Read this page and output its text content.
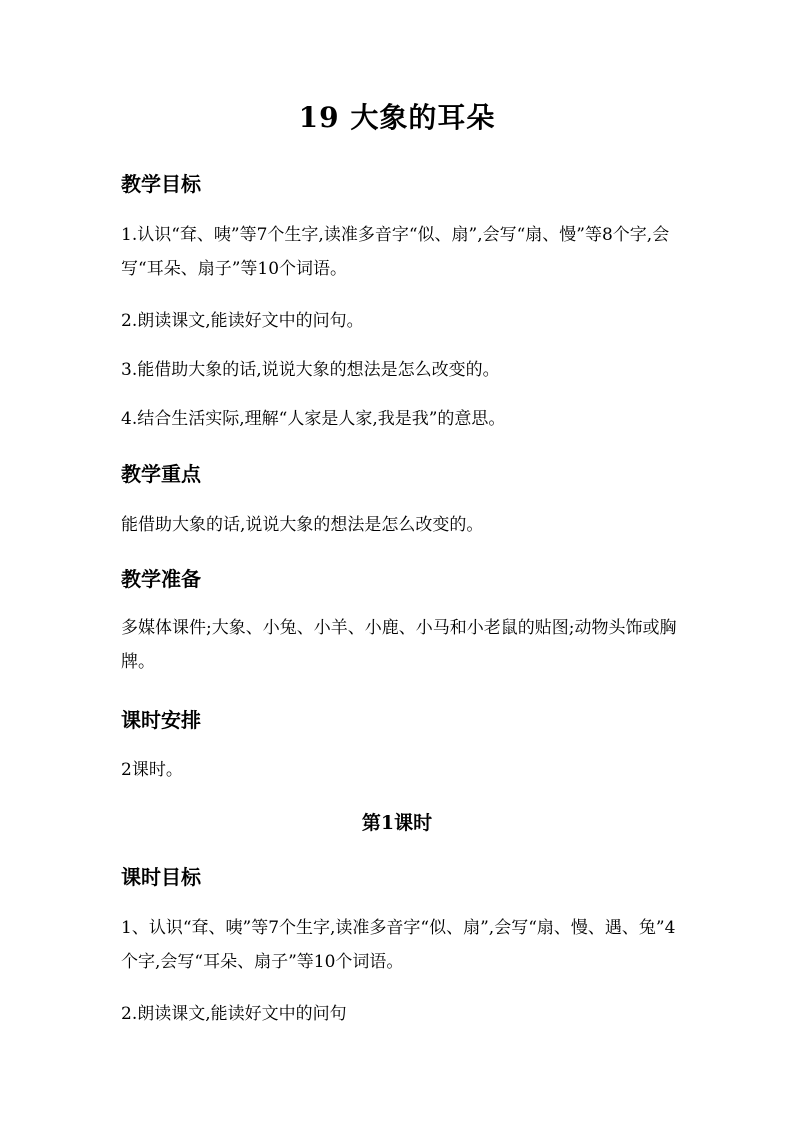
19 大象的耳朵
教学目标
1.认识“耷、咦”等7个生字,读准多音字“似、扇”,会写“扇、慢”等8个字,会写“耳朵、扇子”等10个词语。
2.朗读课文,能读好文中的问句。
3.能借助大象的话,说说大象的想法是怎么改变的。
4.结合生活实际,理解“人家是人家,我是我”的意思。
教学重点
能借助大象的话,说说大象的想法是怎么改变的。
教学准备
多媒体课件;大象、小兔、小羊、小鹿、小马和小老鼠的贴图;动物头饰或胸牌。
课时安排
2课时。
第1课时
课时目标
1、认识“耷、咦”等7个生字,读准多音字“似、扇”,会写“扇、慢、遇、兔”4个字,会写“耳朵、扇子”等10个词语。
2.朗读课文,能读好文中的问句
